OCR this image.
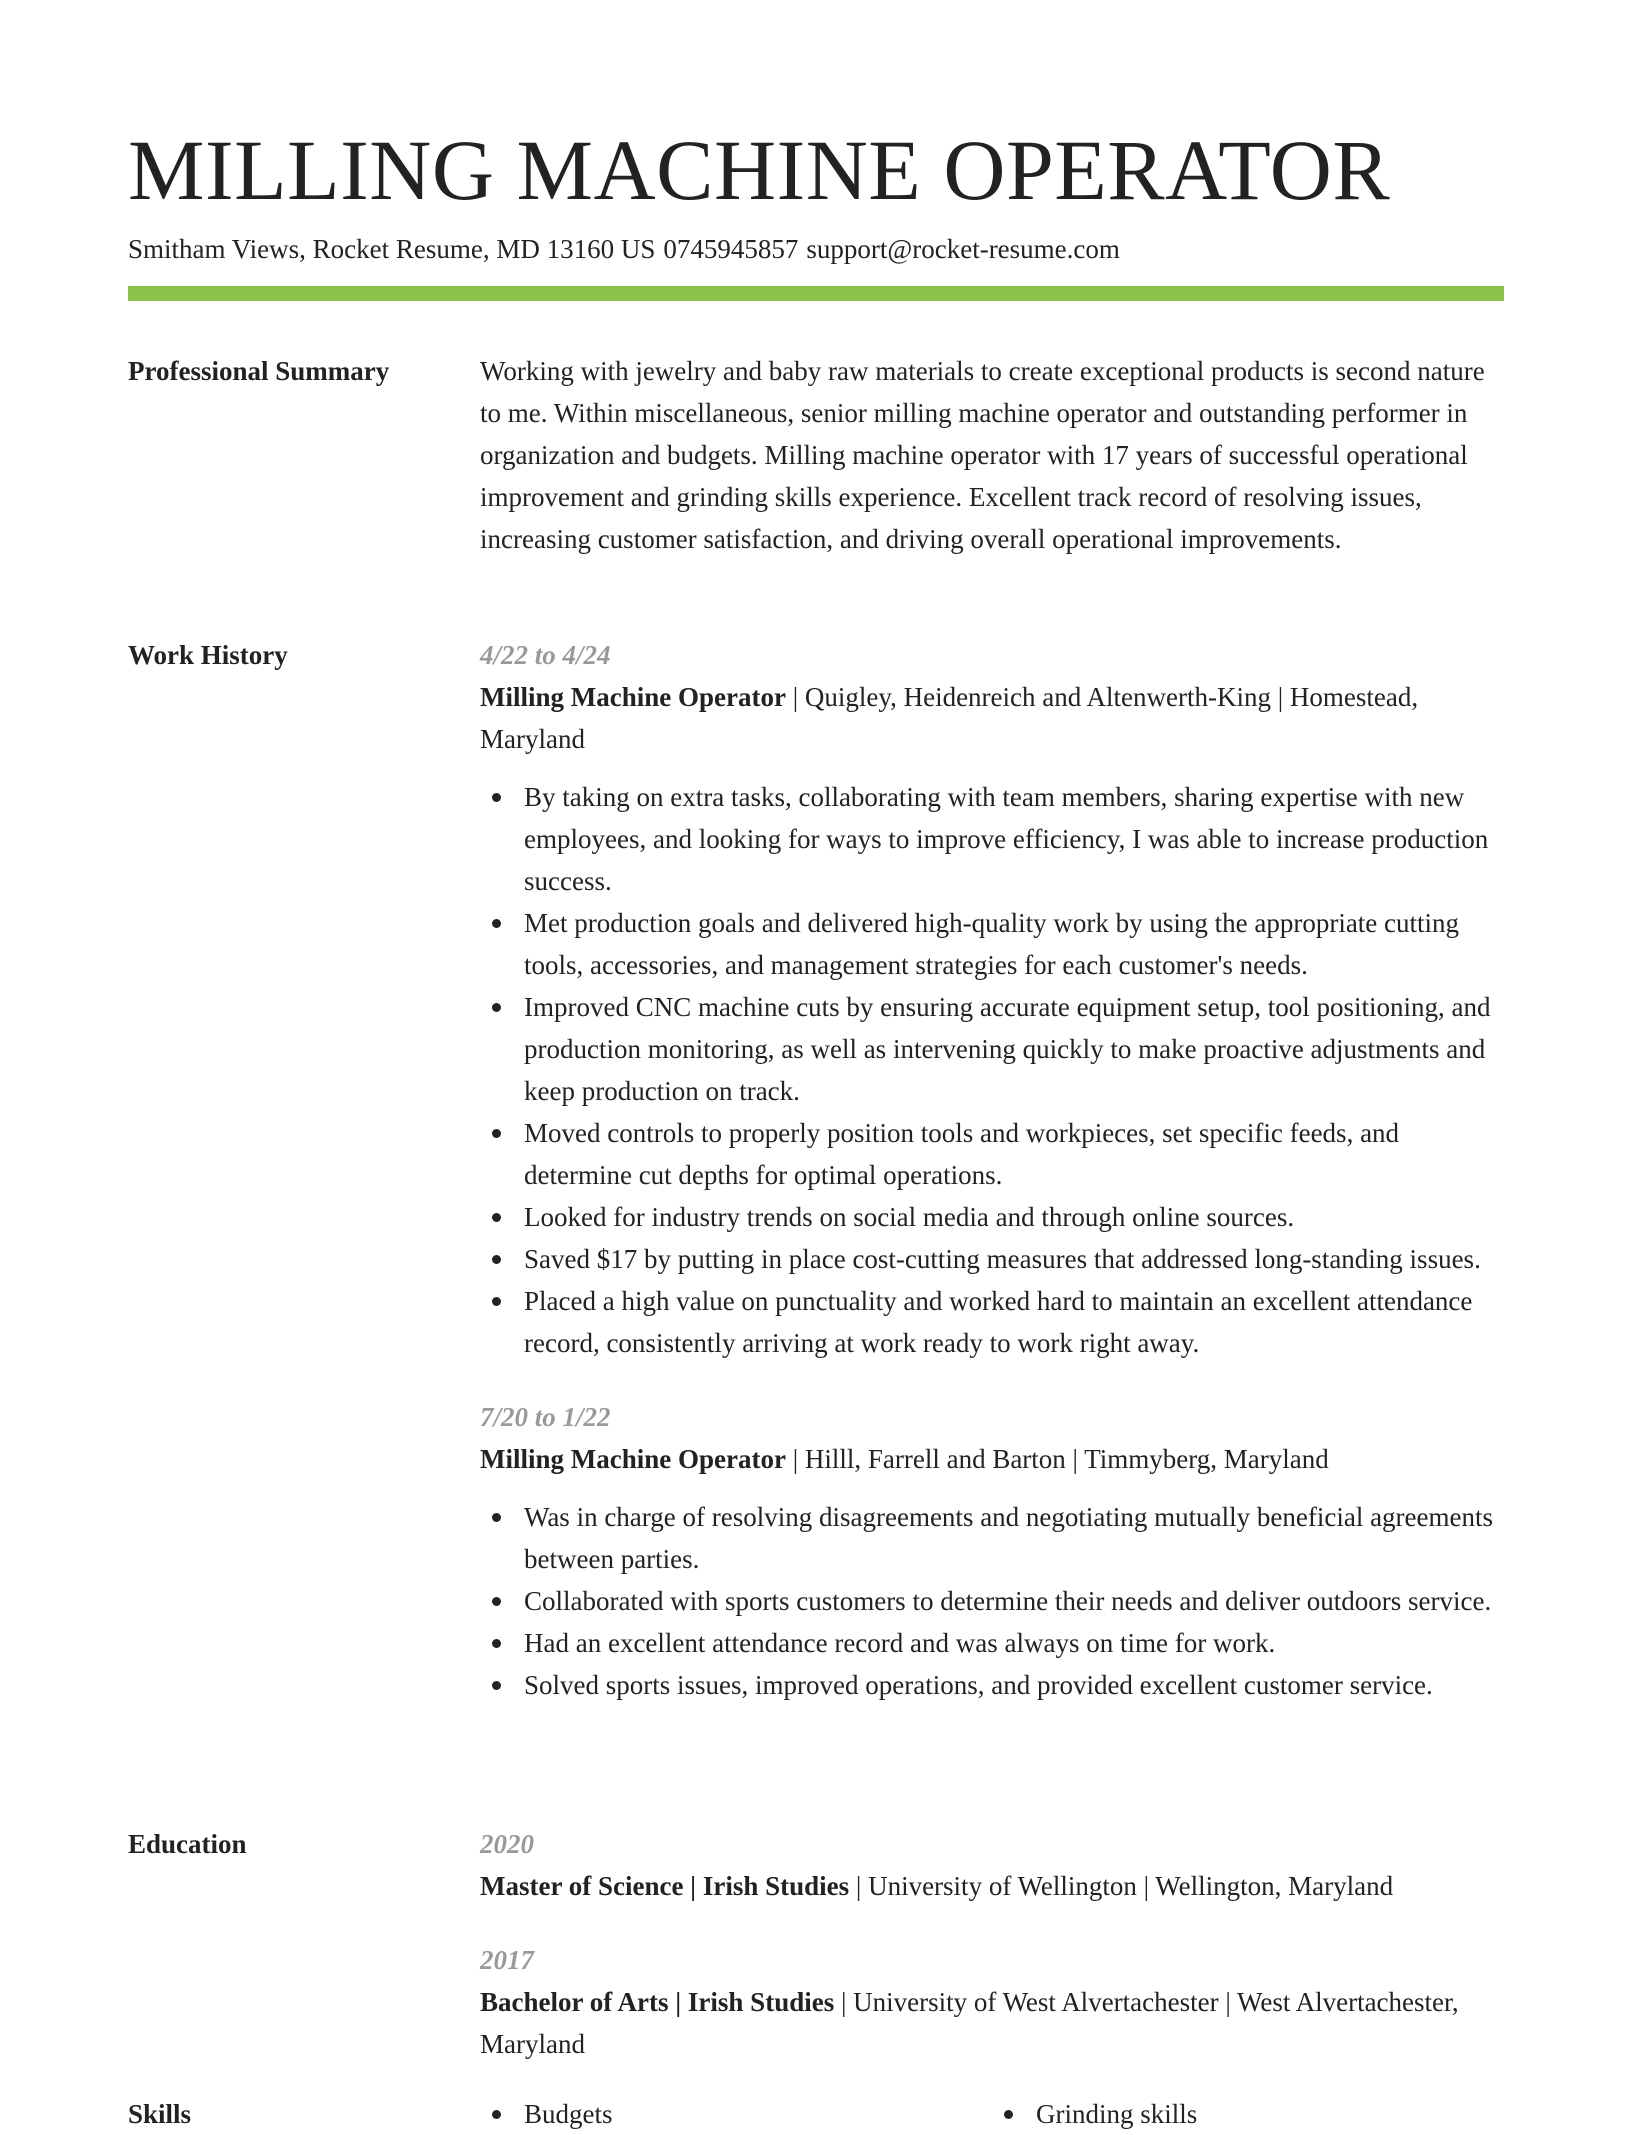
MILLING MACHINE OPERATOR
Smitham Views, Rocket Resume, MD 13160 US 0745945857 support@rocket-resume.com
Professional Summary	Working with jewelry and baby raw materials to create exceptional products is second nature to me. Within miscellaneous, senior milling machine operator and outstanding performer in organization and budgets. Milling machine operator with 17 years of successful operational improvement and grinding skills experience. Excellent track record of resolving issues, increasing customer satisfaction, and driving overall operational improvements.
Work History	4/22 to 4/24
Milling Machine Operator | Quigley, Heidenreich and Altenwerth-King | Homestead, Maryland
By taking on extra tasks, collaborating with team members, sharing expertise with new employees, and looking for ways to improve efficiency, I was able to increase production success.
Met production goals and delivered high-quality work by using the appropriate cutting tools, accessories, and management strategies for each customer's needs.
Improved CNC machine cuts by ensuring accurate equipment setup, tool positioning, and production monitoring, as well as intervening quickly to make proactive adjustments and keep production on track.
Moved controls to properly position tools and workpieces, set specific feeds, and determine cut depths for optimal operations.
Looked for industry trends on social media and through online sources.
Saved $17 by putting in place cost-cutting measures that addressed long-standing issues.
Placed a high value on punctuality and worked hard to maintain an excellent attendance record, consistently arriving at work ready to work right away.
7/20 to 1/22
Milling Machine Operator | Hilll, Farrell and Barton | Timmyberg, Maryland
Was in charge of resolving disagreements and negotiating mutually beneficial agreements between parties.
Collaborated with sports customers to determine their needs and deliver outdoors service.
Had an excellent attendance record and was always on time for work.
Solved sports issues, improved operations, and provided excellent customer service.
Education	2020
Master of Science | Irish Studies | University of Wellington | Wellington, Maryland
2017
Bachelor of Arts | Irish Studies | University of West Alvertachester | West Alvertachester, Maryland
Skills	Budgets	Grinding skills
